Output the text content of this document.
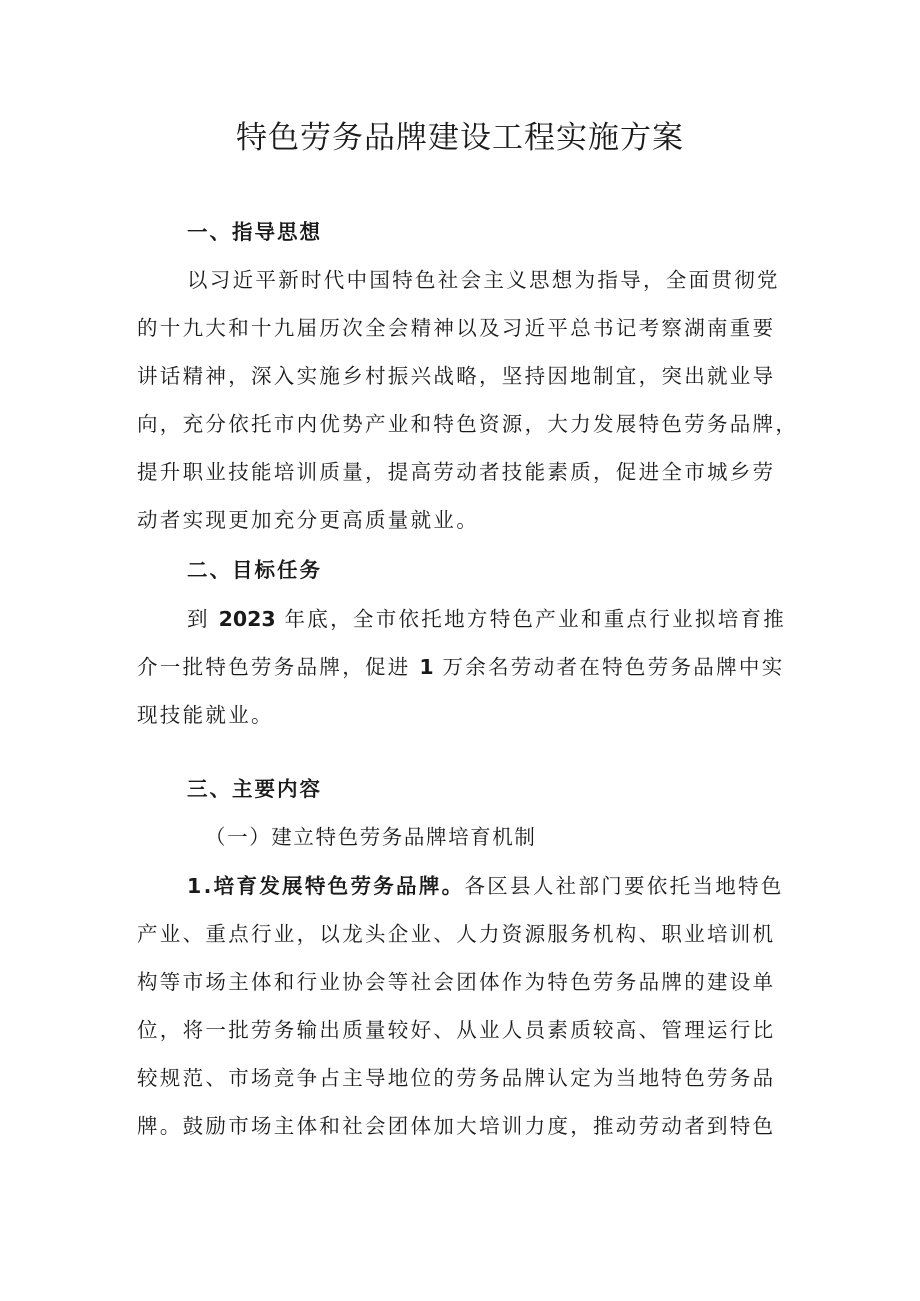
特色劳务品牌建设工程实施方案

一、指导思想

以习近平新时代中国特色社会主义思想为指导，全面贯彻党

的十九大和十九届历次全会精神以及习近平总书记考察湖南重要

讲话精神，深入实施乡村振兴战略，坚持因地制宜，突出就业导

向，充分依托市内优势产业和特色资源，大力发展特色劳务品牌，

提升职业技能培训质量，提高劳动者技能素质，促进全市城乡劳

动者实现更加充分更高质量就业。

二、目标任务

到 2023 年底，全市依托地方特色产业和重点行业拟培育推

介一批特色劳务品牌，促进 1 万余名劳动者在特色劳务品牌中实

现技能就业。

三、主要内容

（一）建立特色劳务品牌培育机制

1.培育发展特色劳务品牌。各区县人社部门要依托当地特色

产业、重点行业，以龙头企业、人力资源服务机构、职业培训机

构等市场主体和行业协会等社会团体作为特色劳务品牌的建设单

位，将一批劳务输出质量较好、从业人员素质较高、管理运行比

较规范、市场竞争占主导地位的劳务品牌认定为当地特色劳务品

牌。鼓励市场主体和社会团体加大培训力度，推动劳动者到特色
